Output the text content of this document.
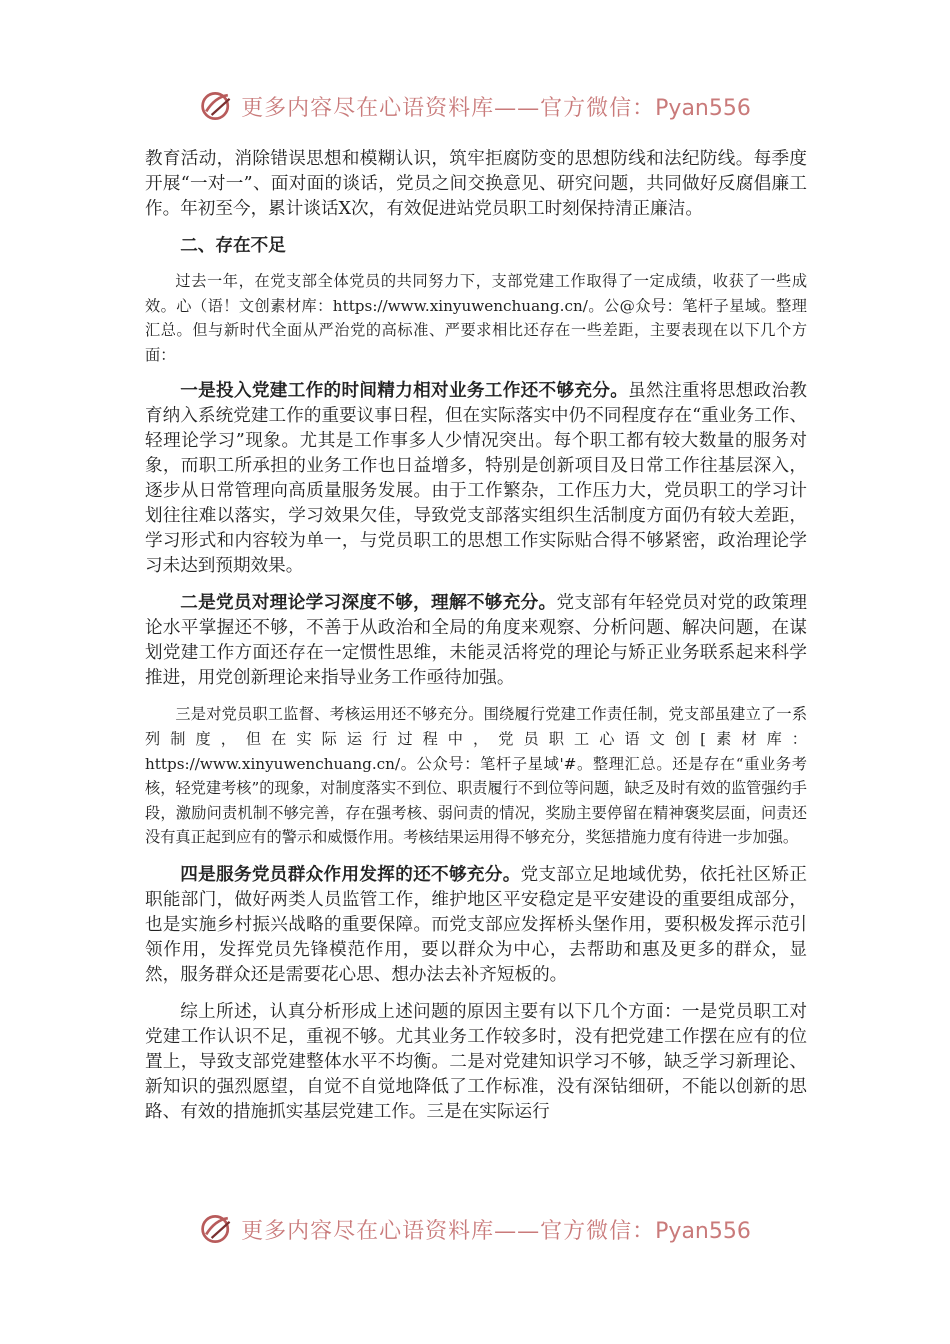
更多内容尽在心语资料库——官方微信：Pyan556

教育活动，消除错误思想和模糊认识，筑牢拒腐防变的思想防线和法纪防线。每季度开展“一对一”、面对面的谈话，党员之间交换意见、研究问题，共同做好反腐倡廉工作。年初至今，累计谈话X次，有效促进站党员职工时刻保持清正廉洁。

二、存在不足

过去一年，在党支部全体党员的共同努力下，支部党建工作取得了一定成绩，收获了一些成效。心（语！文创素材库：https://www.xinyuwenchuang.cn/。公@众号：笔杆子星域。整理汇总。但与新时代全面从严治党的高标准、严要求相比还存在一些差距，主要表现在以下几个方面：

一是投入党建工作的时间精力相对业务工作还不够充分。虽然注重将思想政治教育纳入系统党建工作的重要议事日程，但在实际落实中仍不同程度存在“重业务工作、轻理论学习”现象。尤其是工作事多人少情况突出。每个职工都有较大数量的服务对象，而职工所承担的业务工作也日益增多，特别是创新项目及日常工作往基层深入，逐步从日常管理向高质量服务发展。由于工作繁杂，工作压力大，党员职工的学习计划往往难以落实，学习效果欠佳，导致党支部落实组织生活制度方面仍有较大差距，学习形式和内容较为单一，与党员职工的思想工作实际贴合得不够紧密，政治理论学习未达到预期效果。

二是党员对理论学习深度不够，理解不够充分。党支部有年轻党员对党的政策理论水平掌握还不够，不善于从政治和全局的角度来观察、分析问题、解决问题，在谋划党建工作方面还存在一定惯性思维，未能灵活将党的理论与矫正业务联系起来科学推进，用党创新理论来指导业务工作亟待加强。

三是对党员职工监督、考核运用还不够充分。围绕履行党建工作责任制，党支部虽建立了一系列制度，但在实际运行过程中，党员职工心语文创[素材库：https://www.xinyuwenchuang.cn/。公众号：笔杆子星域'#。整理汇总。还是存在“重业务考核，轻党建考核”的现象，对制度落实不到位、职责履行不到位等问题，缺乏及时有效的监管强约手段，激励问责机制不够完善，存在强考核、弱问责的情况，奖励主要停留在精神褒奖层面，问责还没有真正起到应有的警示和威慑作用。考核结果运用得不够充分，奖惩措施力度有待进一步加强。

四是服务党员群众作用发挥的还不够充分。党支部立足地域优势，依托社区矫正职能部门，做好两类人员监管工作，维护地区平安稳定是平安建设的重要组成部分，也是实施乡村振兴战略的重要保障。而党支部应发挥桥头堡作用，要积极发挥示范引领作用，发挥党员先锋模范作用，要以群众为中心，去帮助和惠及更多的群众，显然，服务群众还是需要花心思、想办法去补齐短板的。

综上所述，认真分析形成上述问题的原因主要有以下几个方面：一是党员职工对党建工作认识不足，重视不够。尤其业务工作较多时，没有把党建工作摆在应有的位置上，导致支部党建整体水平不均衡。二是对党建知识学习不够，缺乏学习新理论、新知识的强烈愿望，自觉不自觉地降低了工作标准，没有深钻细研，不能以创新的思路、有效的措施抓实基层党建工作。三是在实际运行

更多内容尽在心语资料库——官方微信：Pyan556
